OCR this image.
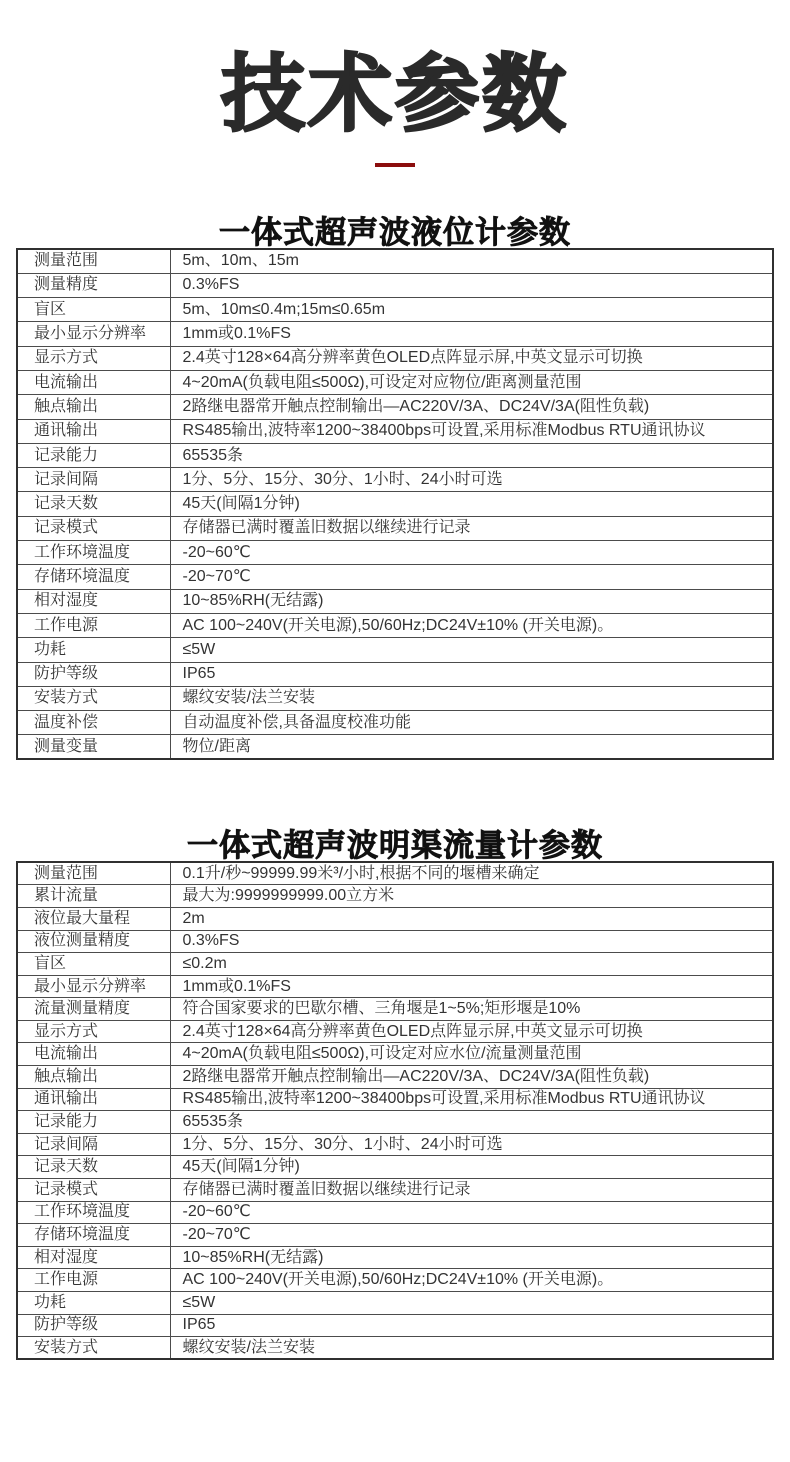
技术参数
一体式超声波液位计参数
测量范围	5m、10m、15m
测量精度	0.3%FS
盲区	5m、10m≤0.4m;15m≤0.65m
最小显示分辨率	1mm或0.1%FS
显示方式	2.4英寸128×64高分辨率黄色OLED点阵显示屏,中英文显示可切换
电流输出	4~20mA(负载电阻≤500Ω),可设定对应物位/距离测量范围
触点输出	2路继电器常开触点控制输出—AC220V/3A、DC24V/3A(阻性负载)
通讯输出	RS485输出,波特率1200~38400bps可设置,采用标准Modbus RTU通讯协议
记录能力	65535条
记录间隔	1分、5分、15分、30分、1小时、24小时可选
记录天数	45天(间隔1分钟)
记录模式	存储器已满时覆盖旧数据以继续进行记录
工作环境温度	-20~60℃
存储环境温度	-20~70℃
相对湿度	10~85%RH(无结露)
工作电源	AC 100~240V(开关电源),50/60Hz;DC24V±10% (开关电源)。
功耗	≤5W
防护等级	IP65
安装方式	螺纹安装/法兰安装
温度补偿	自动温度补偿,具备温度校准功能
测量变量	物位/距离
一体式超声波明渠流量计参数
测量范围	0.1升/秒~99999.99米³/小时,根据不同的堰槽来确定
累计流量	最大为:9999999999.00立方米
液位最大量程	2m
液位测量精度	0.3%FS
盲区	≤0.2m
最小显示分辨率	1mm或0.1%FS
流量测量精度	符合国家要求的巴歇尔槽、三角堰是1~5%;矩形堰是10%
显示方式	2.4英寸128×64高分辨率黄色OLED点阵显示屏,中英文显示可切换
电流输出	4~20mA(负载电阻≤500Ω),可设定对应水位/流量测量范围
触点输出	2路继电器常开触点控制输出—AC220V/3A、DC24V/3A(阻性负载)
通讯输出	RS485输出,波特率1200~38400bps可设置,采用标准Modbus RTU通讯协议
记录能力	65535条
记录间隔	1分、5分、15分、30分、1小时、24小时可选
记录天数	45天(间隔1分钟)
记录模式	存储器已满时覆盖旧数据以继续进行记录
工作环境温度	-20~60℃
存储环境温度	-20~70℃
相对湿度	10~85%RH(无结露)
工作电源	AC 100~240V(开关电源),50/60Hz;DC24V±10% (开关电源)。
功耗	≤5W
防护等级	IP65
安装方式	螺纹安装/法兰安装
